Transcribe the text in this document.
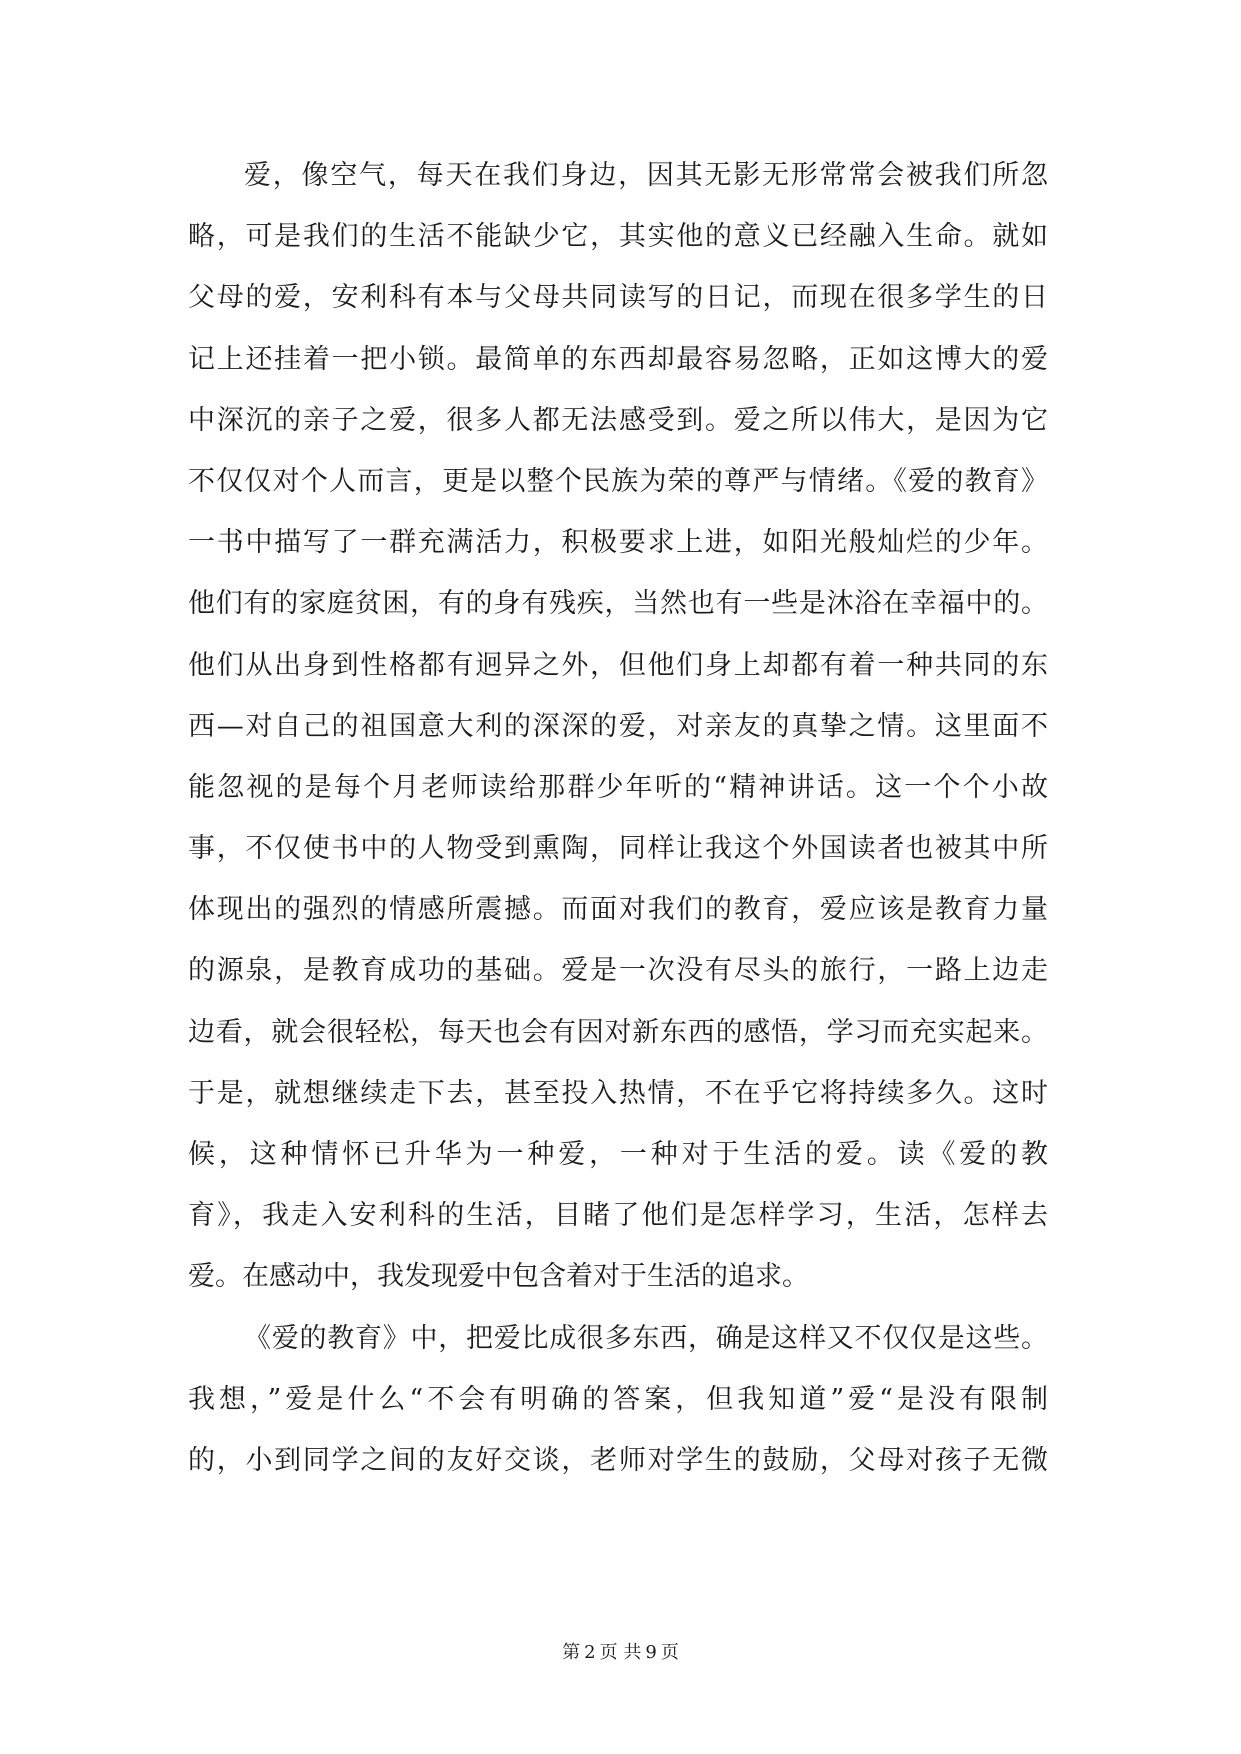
爱，像空气，每天在我们身边，因其无影无形常常会被我们所忽
略，可是我们的生活不能缺少它，其实他的意义已经融入生命。就如
父母的爱，安利科有本与父母共同读写的日记，而现在很多学生的日
记上还挂着一把小锁。最简单的东西却最容易忽略，正如这博大的爱
中深沉的亲子之爱，很多人都无法感受到。爱之所以伟大，是因为它
不仅仅对个人而言，更是以整个民族为荣的尊严与情绪。《爱的教育》
一书中描写了一群充满活力，积极要求上进，如阳光般灿烂的少年。
他们有的家庭贫困，有的身有残疾，当然也有一些是沐浴在幸福中的。
他们从出身到性格都有迥异之外，但他们身上却都有着一种共同的东
西—对自己的祖国意大利的深深的爱，对亲友的真挚之情。这里面不
能忽视的是每个月老师读给那群少年听的“精神讲话。这一个个小故
事，不仅使书中的人物受到熏陶，同样让我这个外国读者也被其中所
体现出的强烈的情感所震撼。而面对我们的教育，爱应该是教育力量
的源泉，是教育成功的基础。爱是一次没有尽头的旅行，一路上边走
边看，就会很轻松，每天也会有因对新东西的感悟，学习而充实起来。
于是，就想继续走下去，甚至投入热情，不在乎它将持续多久。这时
候，这种情怀已升华为一种爱，一种对于生活的爱。读《爱的教
育》，我走入安利科的生活，目睹了他们是怎样学习，生活，怎样去
爱。在感动中，我发现爱中包含着对于生活的追求。
《爱的教育》中，把爱比成很多东西，确是这样又不仅仅是这些。
我想，”爱是什么“不会有明确的答案，但我知道”爱“是没有限制
的，小到同学之间的友好交谈，老师对学生的鼓励，父母对孩子无微
第 2 页 共 9 页
